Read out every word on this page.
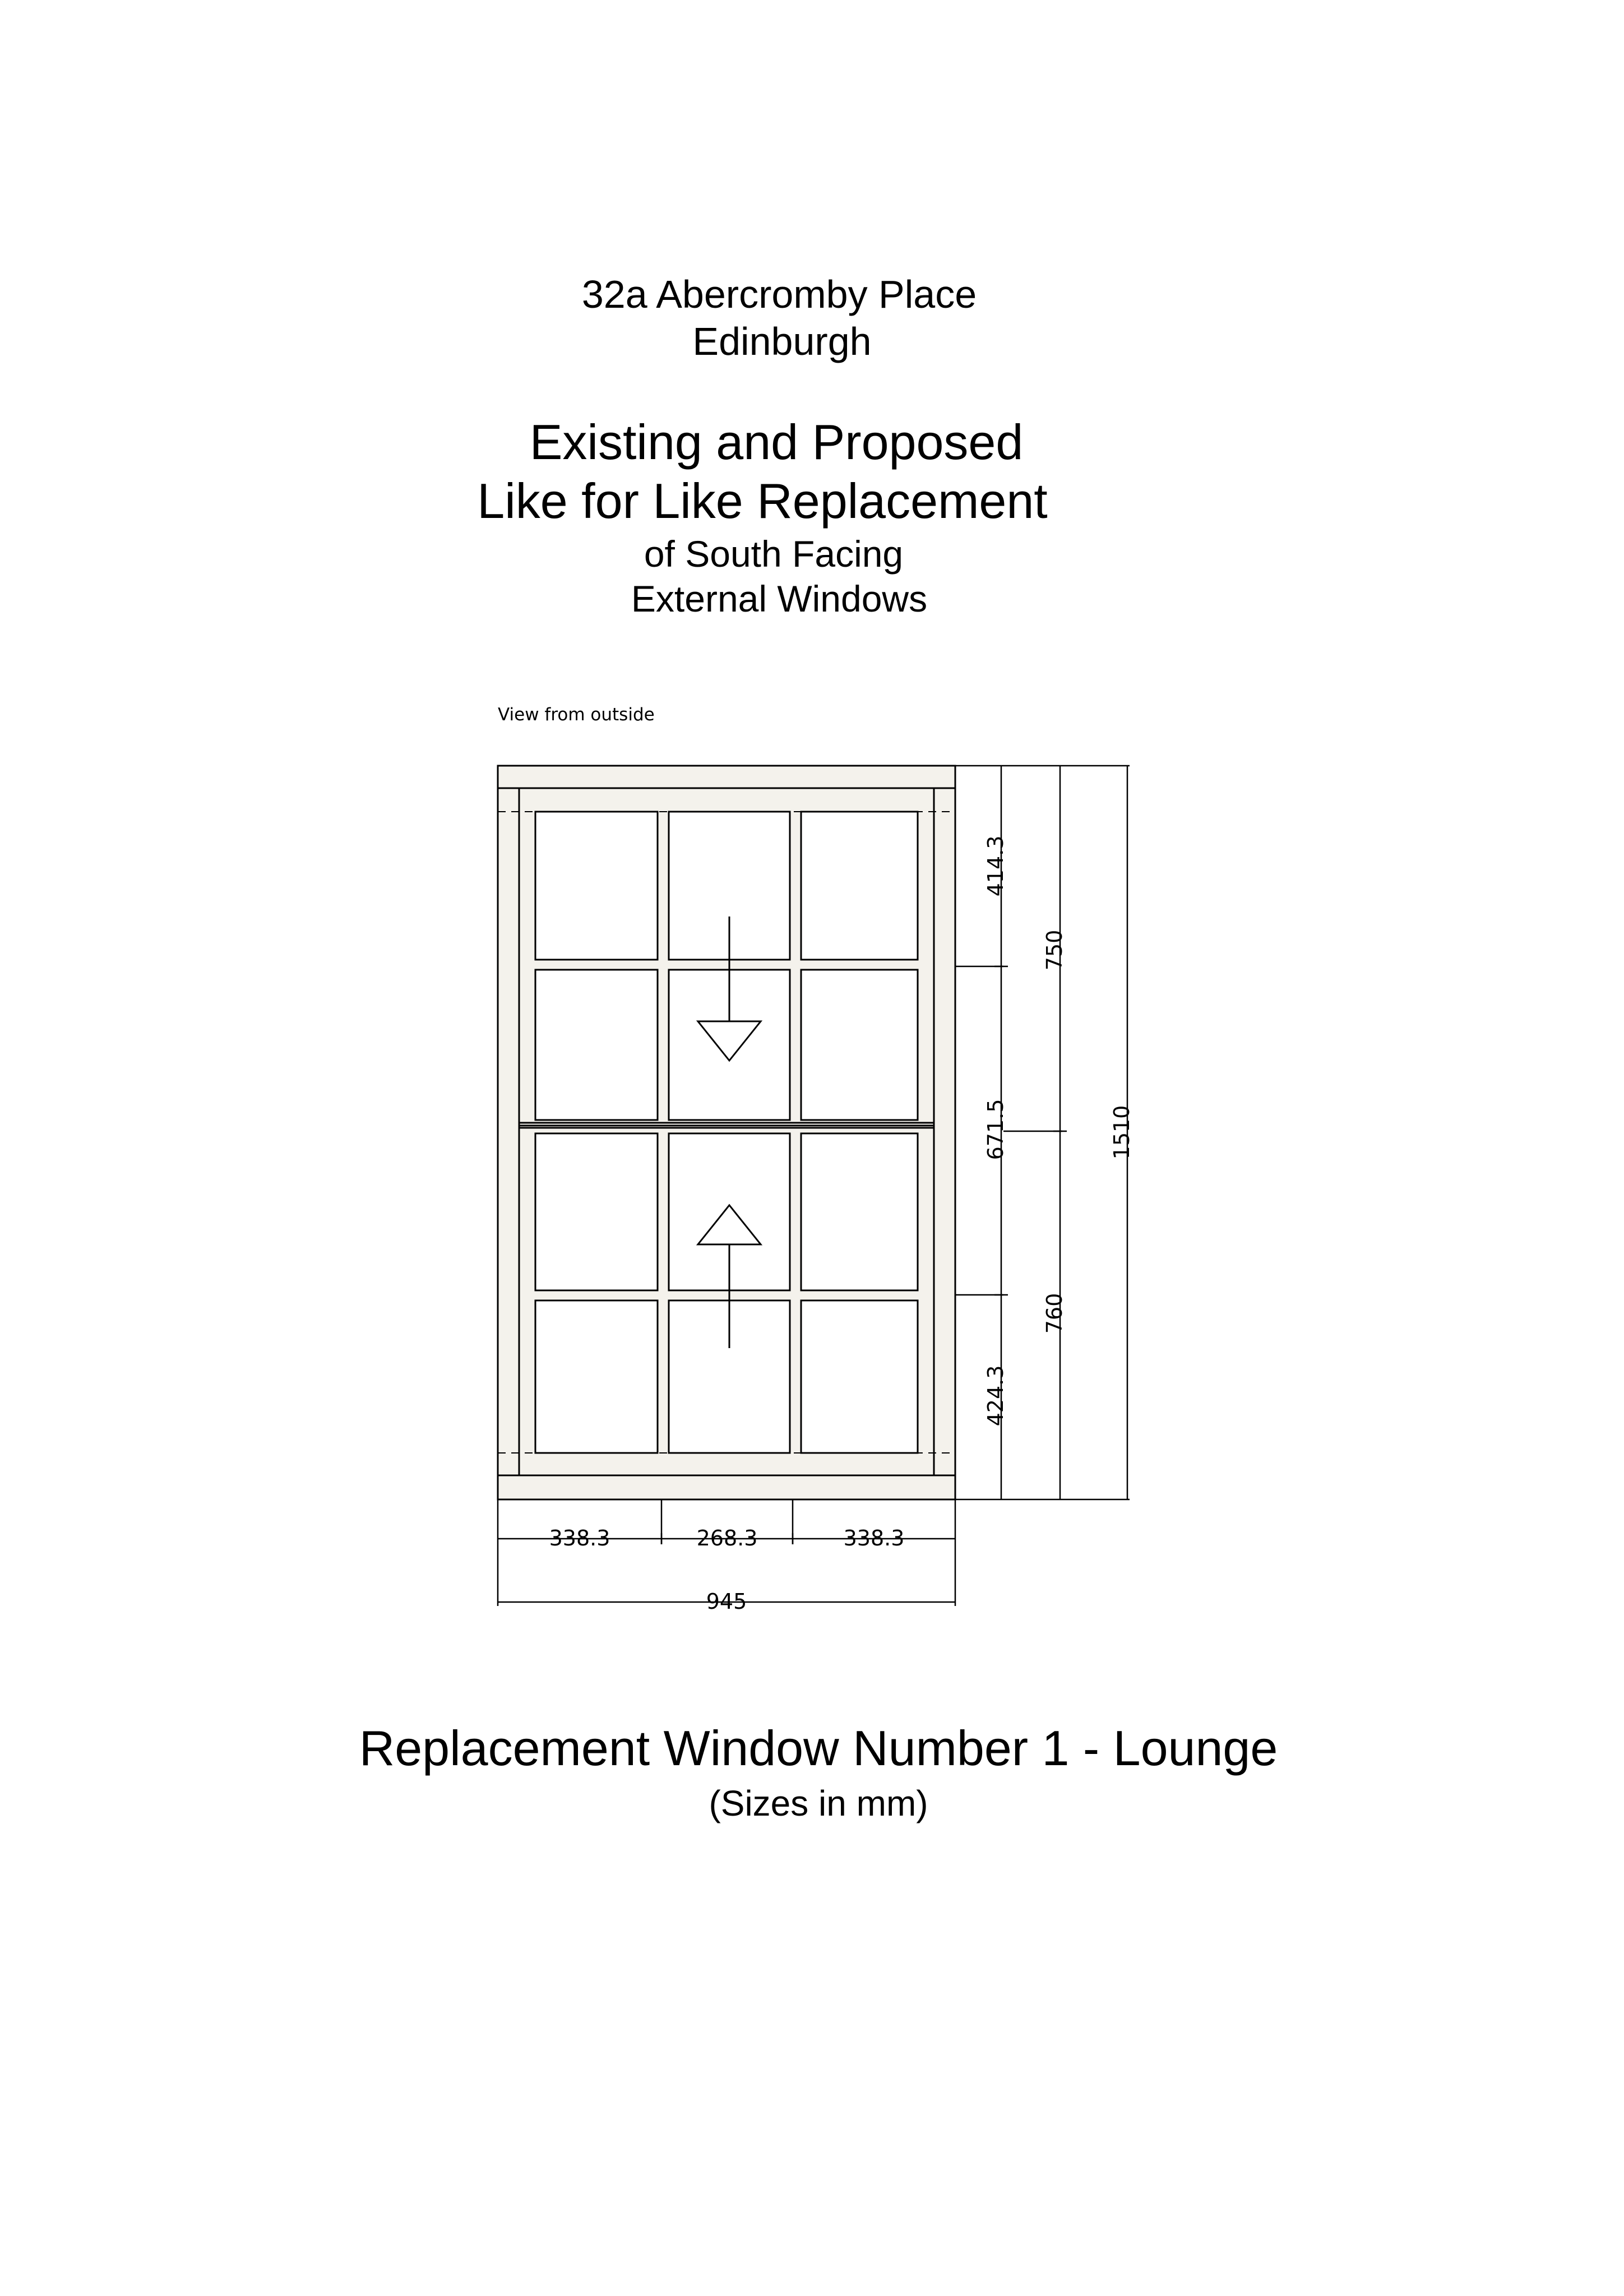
32a Abercromby Place
Edinburgh
Existing and Proposed
Like for Like Replacement
of South Facing
External Windows
View from outside
414.3
671.5
424.3
750
760
1510
338.3	268.3	338.3
945
Replacement Window Number 1 - Lounge
(Sizes in mm)
